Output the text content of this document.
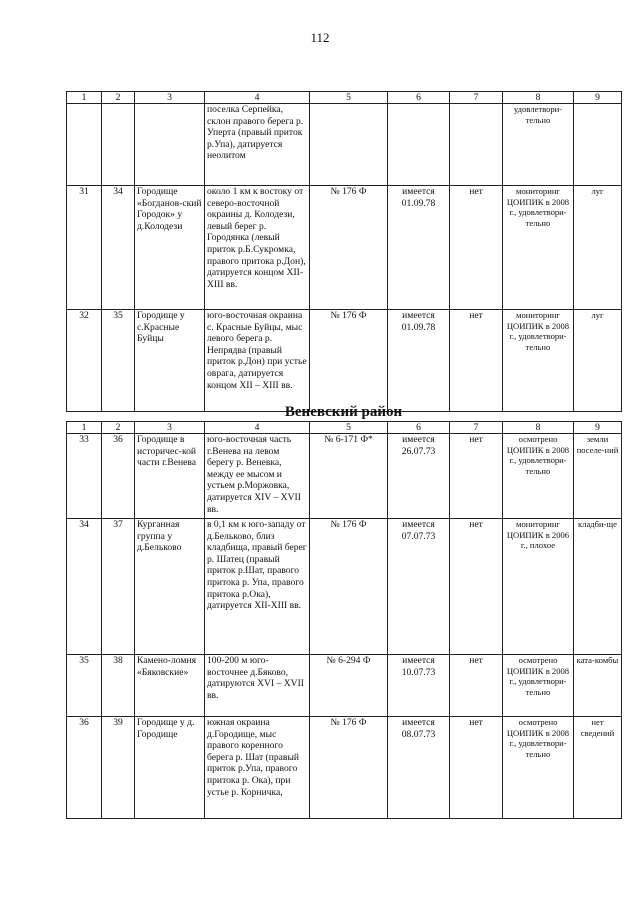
112
1	2	3	4	5	6	7	8	9
			поселка Серпейка, склон правого берега р. Уперта (правый приток р.Упа), датируется неолитом				удовлетвори-тельно	
31	34	Городище «Богданов-ский Городок» у д.Колодези	около 1 км к востоку от северо-восточной окраины д. Колодези, левый берег р. Городянка (левый приток р.Б.Сукромка, правого притока р.Дон), датируется концом XII-XIII вв.	№ 176 Ф	имеется 01.09.78	нет	мониторинг ЦОИПИК в 2008 г., удовлетвори-тельно	луг
32	35	Городище у с.Красные Буйцы	юго-восточная окраина с. Красные Буйцы, мыс левого берега р. Непрядва (правый приток р.Дон) при устье оврага, датируется концом XII – XIII вв.	№ 176 Ф	имеется 01.09.78	нет	мониторинг ЦОИПИК в 2008 г., удовлетвори-тельно	луг
Веневский район
1	2	3	4	5	6	7	8	9
33	36	Городище в историчес-кой части г.Венева	юго-восточная часть г.Венева на левом берегу р. Веневка, между ее мысом и устьем р.Моржовка, датируется XIV – XVII вв.	№ 6-171 Ф*	имеется 26.07.73	нет	осмотрено ЦОИПИК в 2008 г., удовлетвори-тельно	земли поселе-ний
34	37	Курганная группа у д.Бельково	в 0,1 км к юго-западу от д.Бельково, близ кладбища, правый берег р. Шатец (правый приток р.Шат, правого притока р. Упа, правого притока р.Ока), датируется XII-XIII вв.	№ 176 Ф	имеется 07.07.73	нет	мониторинг ЦОИПИК в 2006 г., плохое	кладби-ще
35	38	Камено-ломня «Бяковские»	100-200 м юго-восточнее д.Бяково, датируются XVI – XVII вв.	№ 6-294 Ф	имеется 10.07.73	нет	осмотрено ЦОИПИК в 2008 г., удовлетвори-тельно	ката-комбы
36	39	Городище у д. Городище	южная окраина д.Городище, мыс правого коренного берега р. Шат (правый приток р.Упа, правого притока р. Ока), при устье р. Корничка,	№ 176 Ф	имеется 08.07.73	нет	осмотрено ЦОИПИК в 2008 г., удовлетвори-тельно	нет сведений
